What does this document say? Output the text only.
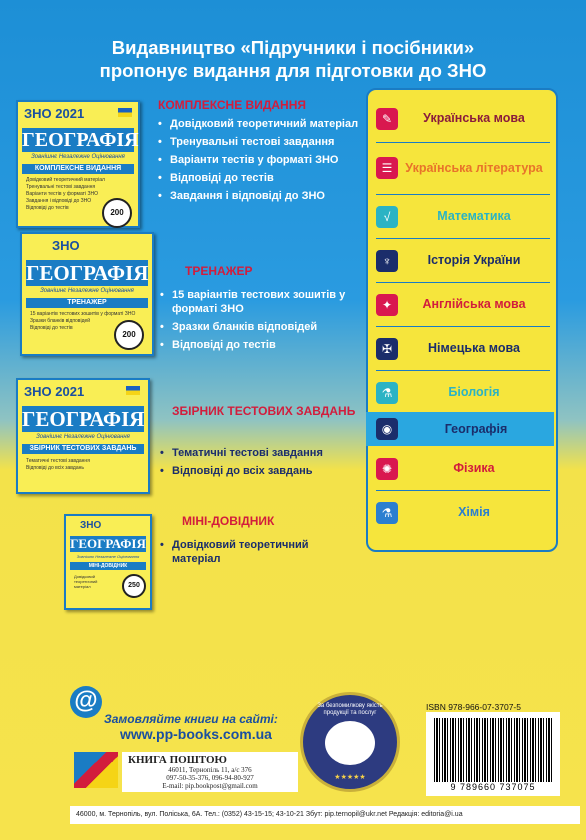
Видавництво «Підручники і посібники»
пропонує видання для підготовки до ЗНО
ЗНО 2021
ГЕОГРАФІЯ
Зовнішнє Незалежне Оцінювання
КОМПЛЕКСНЕ ВИДАННЯ
Довідковий теоретичний матеріал
Тренувальні тестові завдання
Варіанти тестів у форматі ЗНО
Завдання і відповіді до ЗНО
Відповіді до тестів	200
ЗНО
ГЕОГРАФІЯ
Зовнішнє Незалежне Оцінювання
ТРЕНАЖЕР
15 варіантів тестових зошитів у форматі ЗНО
Зразки бланків відповідей
Відповіді до тестів
200
ЗНО 2021
ГЕОГРАФІЯ
Зовнішнє Незалежне Оцінювання
ЗБІРНИК ТЕСТОВИХ ЗАВДАНЬ
Тематичні тестові завдання
Відповіді до всіх завдань
ЗНО
ГЕОГРАФІЯ
Зовнішнє Незалежне Оцінювання
МІНІ-ДОВІДНИК
Довідковий теоретичний матеріал	250
КОМПЛЕКСНЕ ВИДАННЯ
• Довідковий теоретичний матеріал
• Тренувальні тестові завдання
• Варіанти тестів у форматі ЗНО
• Відповіді до тестів
• Завдання і відповіді до ЗНО
ТРЕНАЖЕР
• 15 варіантів тестових зошитів у форматі ЗНО
• Зразки бланків відповідей
• Відповіді до тестів
ЗБІРНИК ТЕСТОВИХ ЗАВДАНЬ
• Тематичні тестові завдання
• Відповіді до всіх завдань
МІНІ-ДОВІДНИК
• Довідковий теоретичний матеріал
✎	Українська мова
☰	Українська література
√	Математика
♆	Історія України
✦	Англійська мова
✠	Німецька мова
⚗	Біологія
◉	Географія
✺	Фізика
⚗	Хімія
@
Замовляйте книги на сайті:
www.pp-books.com.ua
КНИГА ПОШТОЮ
46011, Тернопіль 11, а/с 376
097-50-35-376, 096-94-80-927
E-mail: pip.bookpost@gmail.com
За безпомилкову якість продукції та послуг
★★★★★
ISBN 978-966-07-3707-5
9 789660 737075
46000, м. Тернопіль, вул. Поліська, 6А. Тел.: (0352) 43-15-15; 43-10-21 Збут: pip.ternopil@ukr.net Редакція: editoria@i.ua
